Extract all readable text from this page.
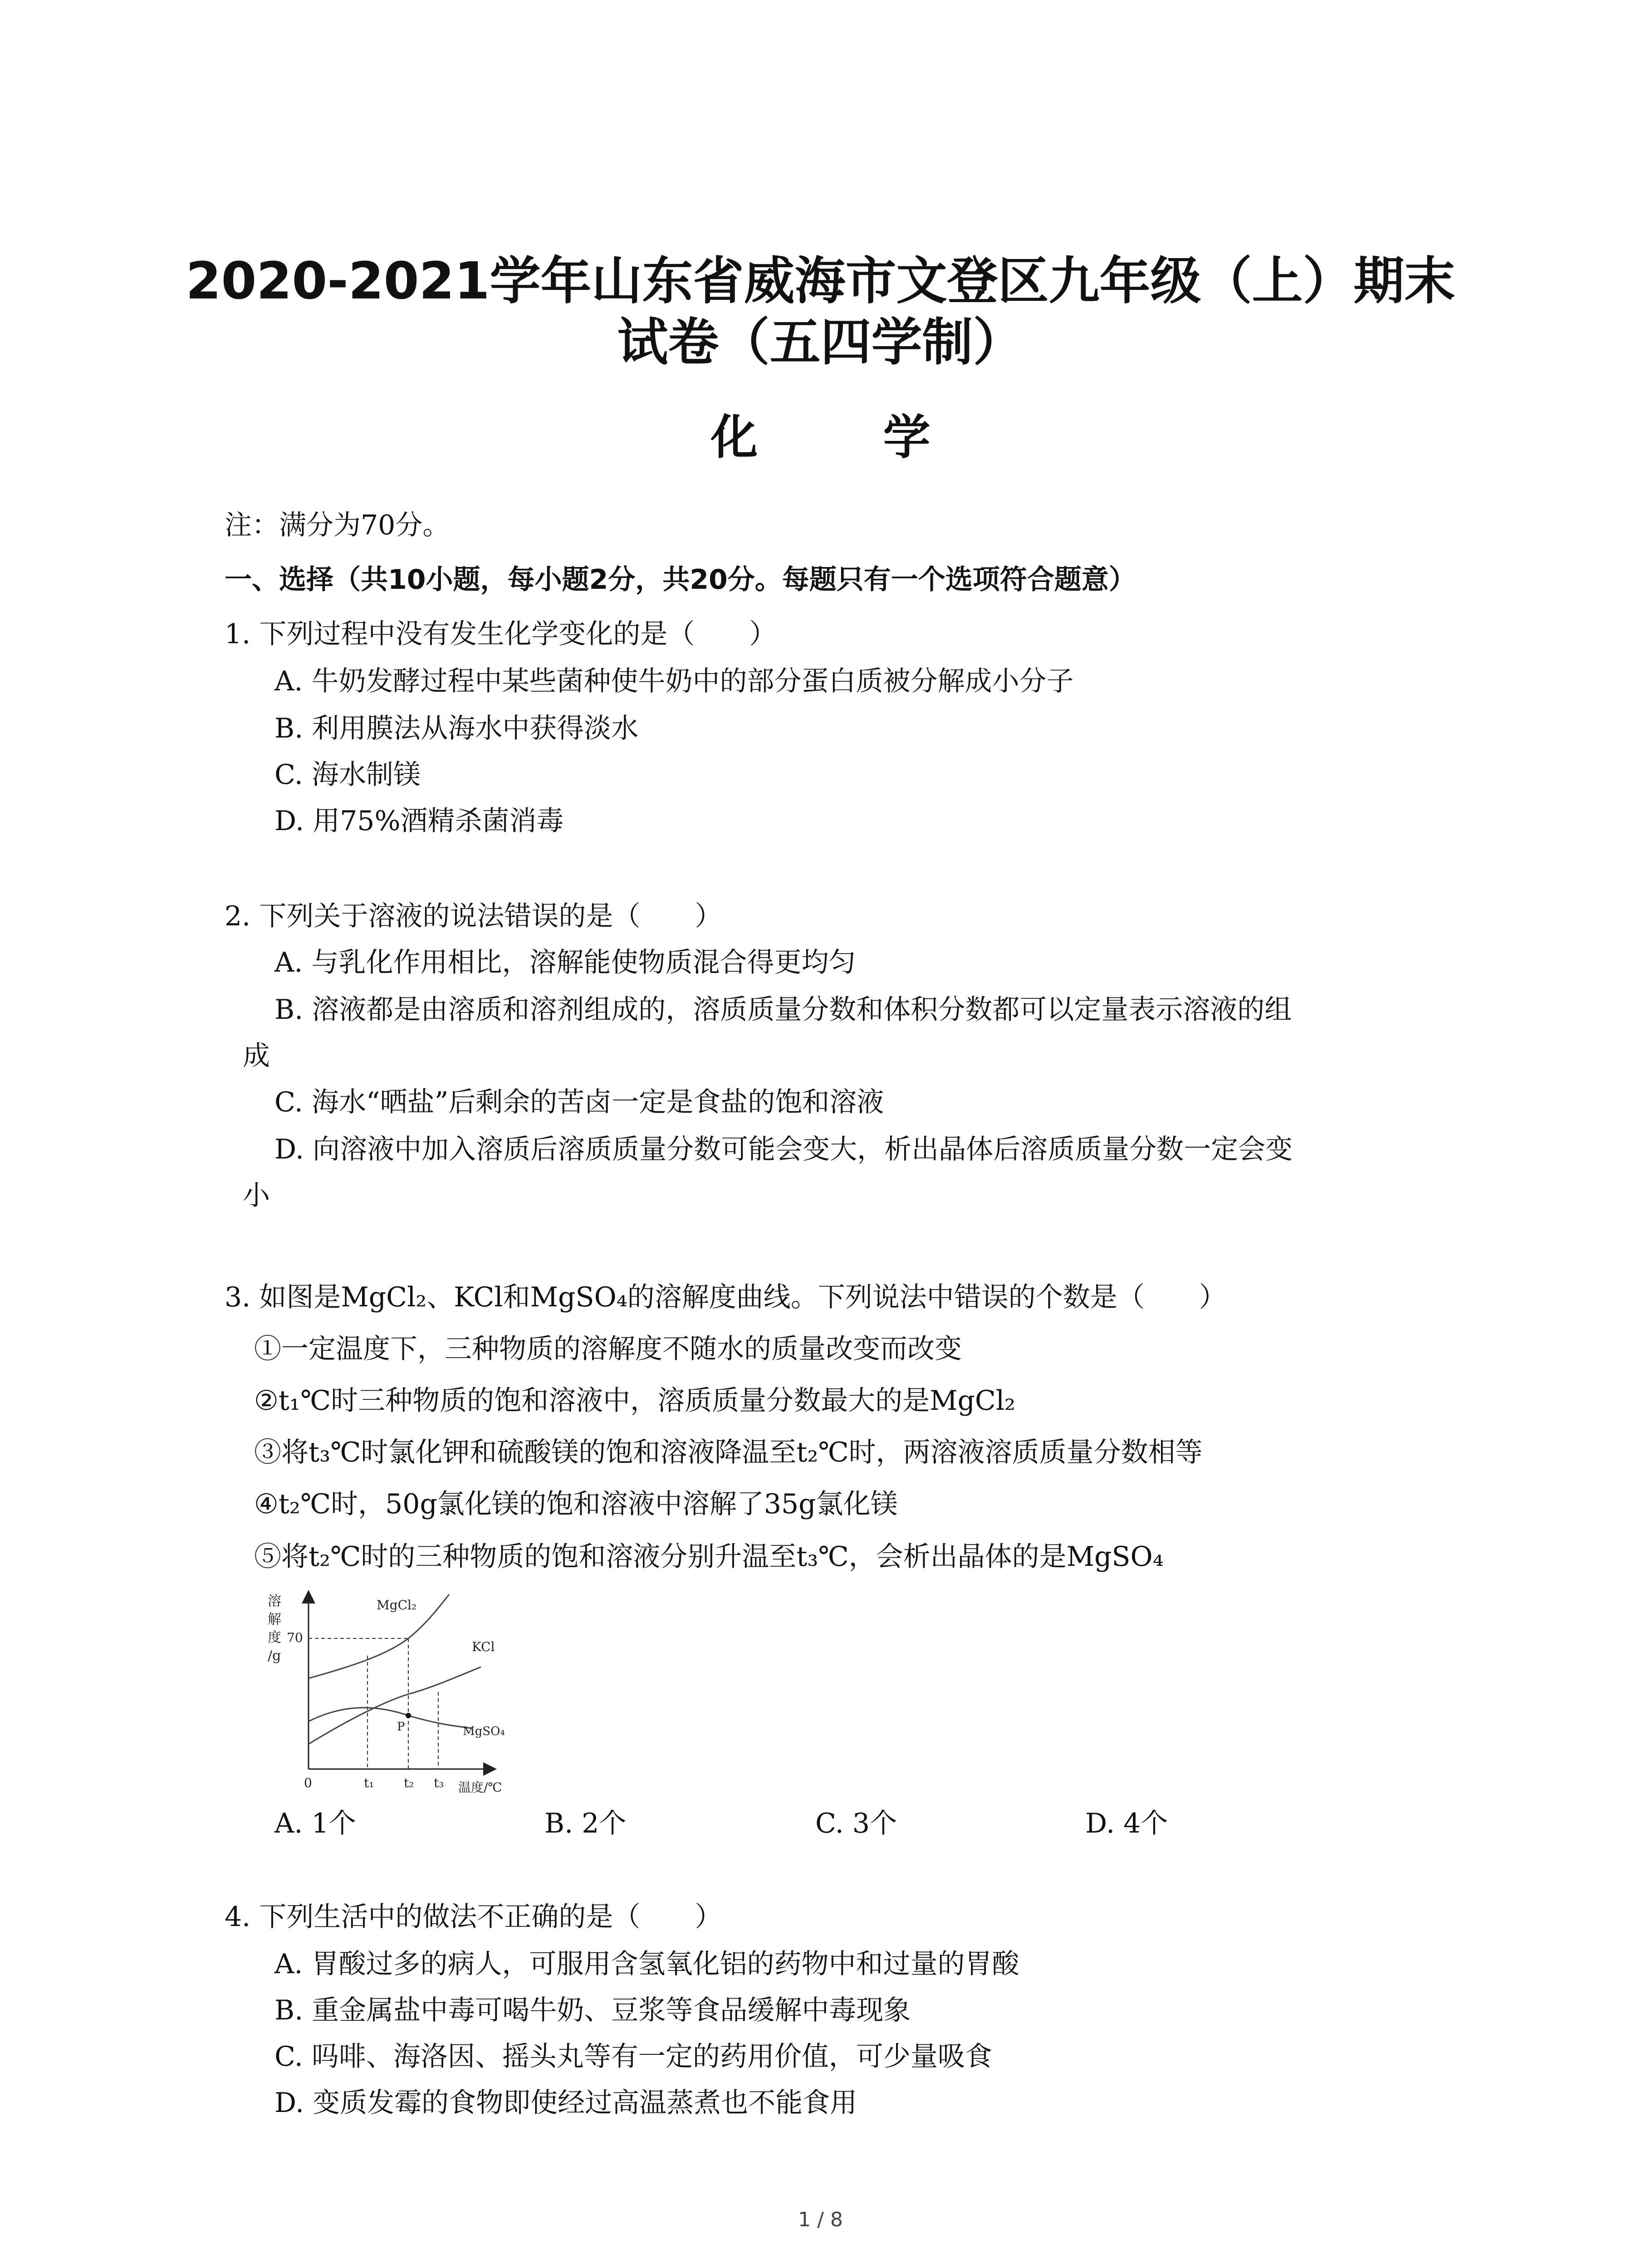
2020-2021学年山东省威海市文登区九年级（上）期末
试卷（五四学制）
化 学
注：满分为70分。
一、选择（共10小题，每小题2分，共20分。每题只有一个选项符合题意）
1. 下列过程中没有发生化学变化的是（　　）
A. 牛奶发酵过程中某些菌种使牛奶中的部分蛋白质被分解成小分子
B. 利用膜法从海水中获得淡水
C. 海水制镁
D. 用75%酒精杀菌消毒
2. 下列关于溶液的说法错误的是（　　）
A. 与乳化作用相比，溶解能使物质混合得更均匀
B. 溶液都是由溶质和溶剂组成的，溶质质量分数和体积分数都可以定量表示溶液的组
成
C. 海水“晒盐”后剩余的苦卤一定是食盐的饱和溶液
D. 向溶液中加入溶质后溶质质量分数可能会变大，析出晶体后溶质质量分数一定会变
小
3. 如图是MgCl₂、KCl和MgSO₄的溶解度曲线。下列说法中错误的个数是（　　）
①一定温度下，三种物质的溶解度不随水的质量改变而改变
②t₁℃时三种物质的饱和溶液中，溶质质量分数最大的是MgCl₂
③将t₃℃时氯化钾和硫酸镁的饱和溶液降温至t₂℃时，两溶液溶质质量分数相等
④t₂℃时，50g氯化镁的饱和溶液中溶解了35g氯化镁
⑤将t₂℃时的三种物质的饱和溶液分别升温至t₃℃，会析出晶体的是MgSO₄
溶
解
度
/g
70
0	t₁ t₂ t₃ 温度/℃
P
MgCl₂
KCl
MgSO₄
A. 1个	B. 2个	C. 3个	D. 4个
4. 下列生活中的做法不正确的是（　　）
A. 胃酸过多的病人，可服用含氢氧化铝的药物中和过量的胃酸
B. 重金属盐中毒可喝牛奶、豆浆等食品缓解中毒现象
C. 吗啡、海洛因、摇头丸等有一定的药用价值，可少量吸食
D. 变质发霉的食物即使经过高温蒸煮也不能食用
1 / 8
